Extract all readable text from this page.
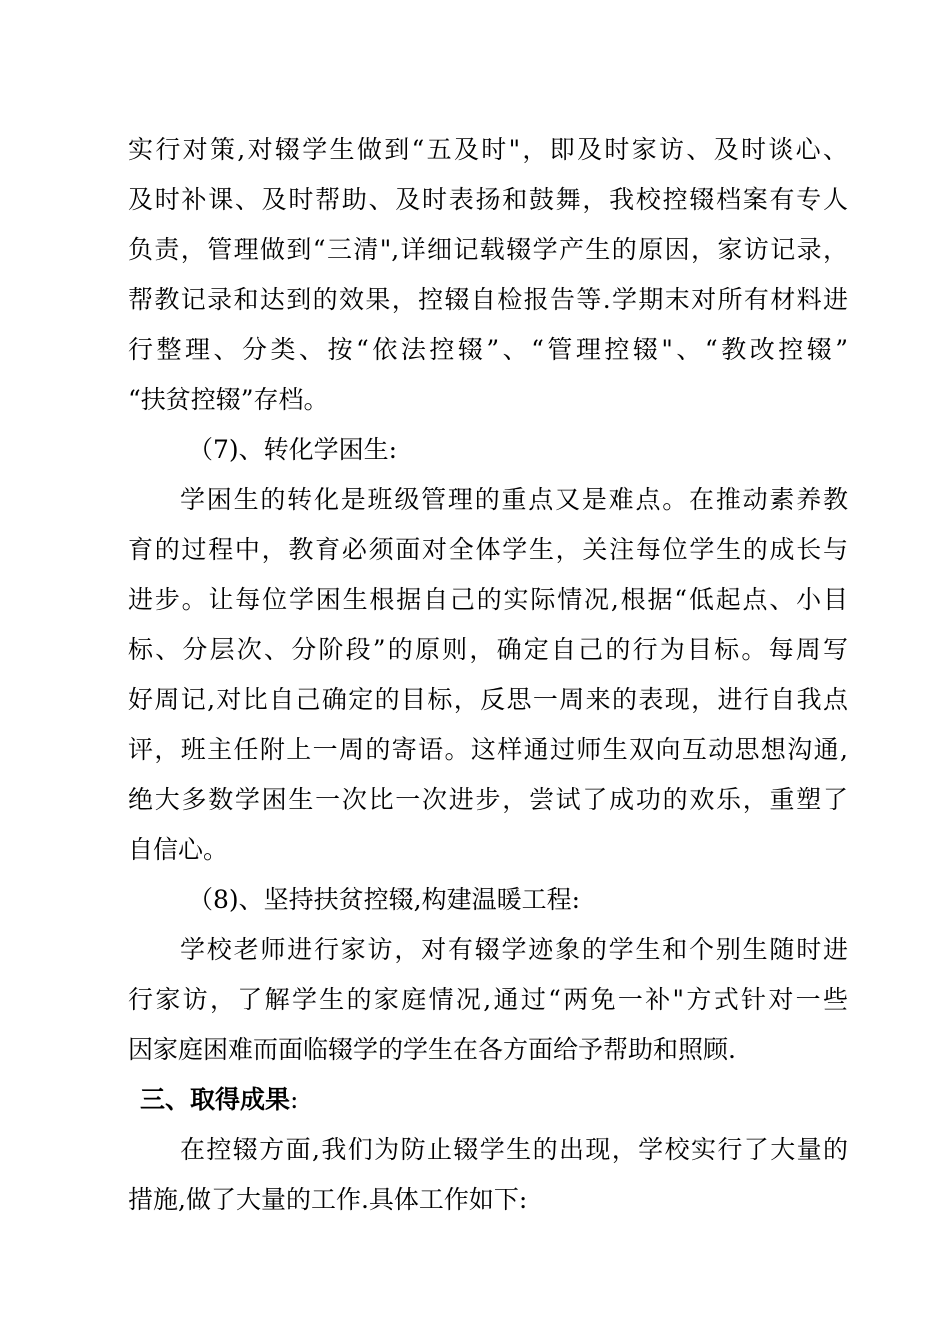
实行对策,对辍学生做到“五及时"，即及时家访、及时谈心、
及时补课、及时帮助、及时表扬和鼓舞，我校控辍档案有专人
负责，管理做到“三清",详细记载辍学产生的原因，家访记录，
帮教记录和达到的效果，控辍自检报告等.学期末对所有材料进
行整理、分类、按“依法控辍”、“管理控辍"、“教改控辍”
“扶贫控辍”存档。
（7)、转化学困生:
学困生的转化是班级管理的重点又是难点。在推动素养教
育的过程中，教育必须面对全体学生，关注每位学生的成长与
进步。让每位学困生根据自己的实际情况,根据“低起点、小目
标、分层次、分阶段”的原则，确定自己的行为目标。每周写
好周记,对比自己确定的目标，反思一周来的表现，进行自我点
评，班主任附上一周的寄语。这样通过师生双向互动思想沟通,
绝大多数学困生一次比一次进步，尝试了成功的欢乐，重塑了
自信心。
（8)、坚持扶贫控辍,构建温暖工程:
学校老师进行家访，对有辍学迹象的学生和个别生随时进
行家访，了解学生的家庭情况,通过“两免一补"方式针对一些
因家庭困难而面临辍学的学生在各方面给予帮助和照顾.
三、取得成果:
在控辍方面,我们为防止辍学生的出现，学校实行了大量的
措施,做了大量的工作.具体工作如下:
